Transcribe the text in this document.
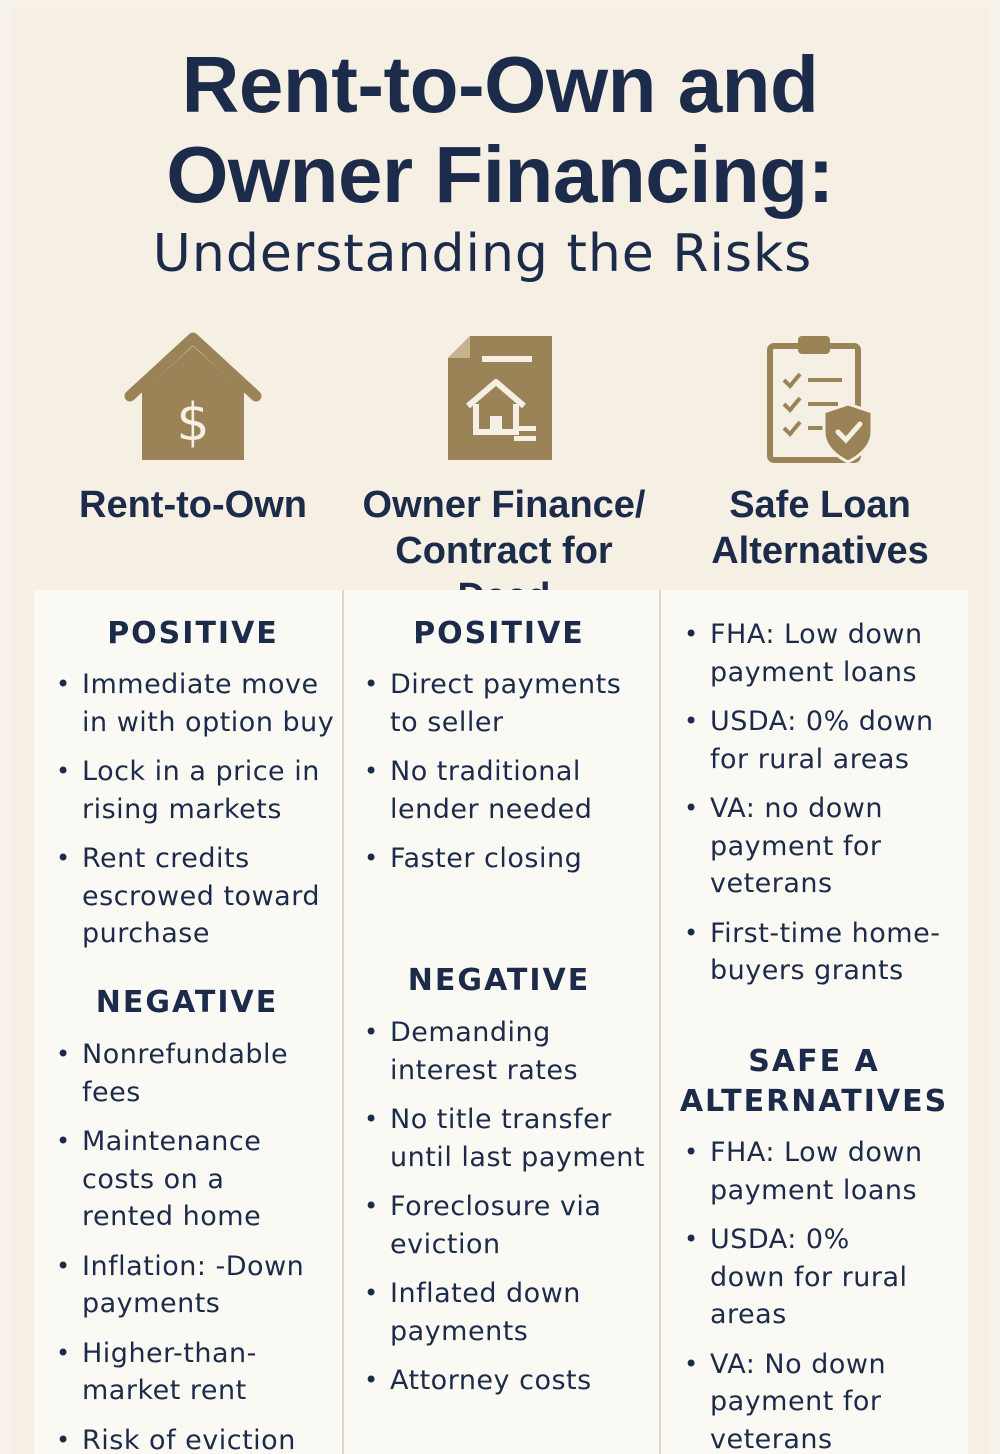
Rent-to-Own and
Owner Financing:
Understanding the Risks
$
Rent-to-Own	Owner Finance/
Contract for
Safe Loan
Alternatives
POSITIVE
• Immediate move in with option buy
• Lock in a price in rising markets
• Rent credits escrowed toward purchase
NEGATIVE
• Nonrefundable fees
• Maintenance costs on a rented home
• Inflation: -Down payments
• Higher-than-market rent
• Risk of eviction
POSITIVE
• Direct payments to seller
• No traditional lender needed
• Faster closing
NEGATIVE
• Demanding interest rates
• No title transfer until last payment
• Foreclosure via eviction
• Inflated down payments
• Attorney costs
• FHA: Low down payment loans
• USDA: 0% down for rural areas
• VA: no down payment for veterans
• First-time home-buyers grants
SAFE A
ALTERNATIVES
• FHA: Low down payment loans
• USDA: 0% down for rural areas
• VA: No down payment for veterans
